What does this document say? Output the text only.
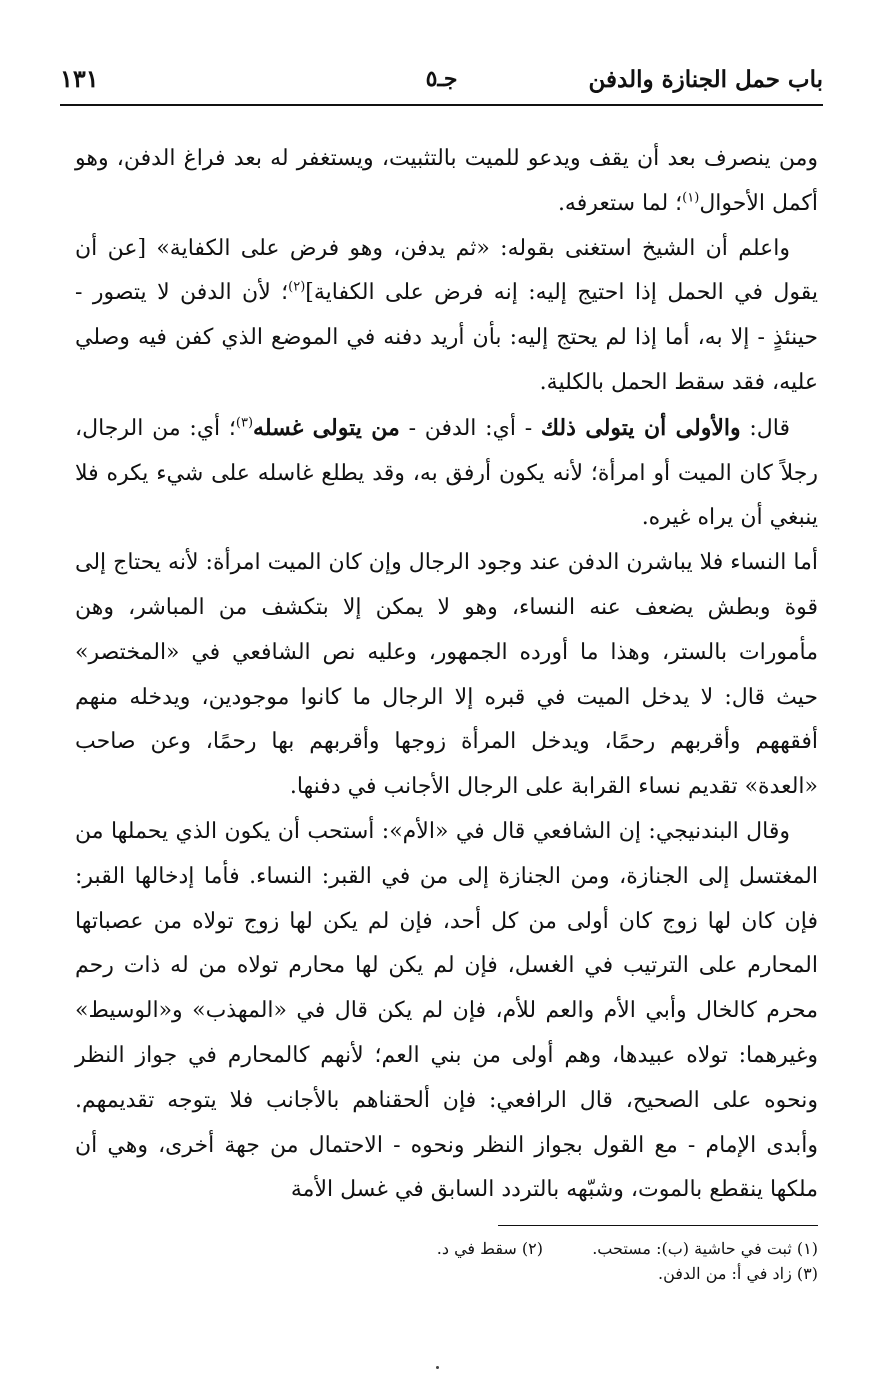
باب حمل الجنازة والدفن
جـ٥
١٣١

ومن ينصرف بعد أن يقف ويدعو للميت بالتثبيت، ويستغفر له بعد فراغ الدفن، وهو أكمل الأحوال$^{(١)}$؛ لما ستعرفه.

واعلم أن الشيخ استغنى بقوله: «ثم يدفن، وهو فرض على الكفاية» [عن أن يقول في الحمل إذا احتيج إليه: إنه فرض على الكفاية]$^{(٢)}$؛ لأن الدفن لا يتصور - حينئذٍ - إلا به، أما إذا لم يحتج إليه: بأن أريد دفنه في الموضع الذي كفن فيه وصلي عليه، فقد سقط الحمل بالكلية.

قال: والأولى أن يتولى ذلك - أي: الدفن - من يتولى غسله$^{(٣)}$؛ أي: من الرجال، رجلاً كان الميت أو امرأة؛ لأنه يكون أرفق به، وقد يطلع غاسله على شيء يكره فلا ينبغي أن يراه غيره.

أما النساء فلا يباشرن الدفن عند وجود الرجال وإن كان الميت امرأة: لأنه يحتاج إلى قوة وبطش يضعف عنه النساء، وهو لا يمكن إلا بتكشف من المباشر، وهن مأمورات بالستر، وهذا ما أورده الجمهور، وعليه نص الشافعي في «المختصر» حيث قال: لا يدخل الميت في قبره إلا الرجال ما كانوا موجودين، ويدخله منهم أفقههم وأقربهم رحمًا، ويدخل المرأة زوجها وأقربهم بها رحمًا، وعن صاحب «العدة» تقديم نساء القرابة على الرجال الأجانب في دفنها.

وقال البندنيجي: إن الشافعي قال في «الأم»: أستحب أن يكون الذي يحملها من المغتسل إلى الجنازة، ومن الجنازة إلى من في القبر: النساء. فأما إدخالها القبر: فإن كان لها زوج كان أولى من كل أحد، فإن لم يكن لها زوج تولاه من عصباتها المحارم على الترتيب في الغسل، فإن لم يكن لها محارم تولاه من له ذات رحم محرم كالخال وأبي الأم والعم للأم، فإن لم يكن قال في «المهذب» و«الوسيط» وغيرهما: تولاه عبيدها، وهم أولى من بني العم؛ لأنهم كالمحارم في جواز النظر ونحوه على الصحيح، قال الرافعي: فإن ألحقناهم بالأجانب فلا يتوجه تقديمهم. وأبدى الإمام - مع القول بجواز النظر ونحوه - الاحتمال من جهة أخرى، وهي أن ملكها ينقطع بالموت، وشبّهه بالتردد السابق في غسل الأمة

(١) ثبت في حاشية (ب): مستحب.
(٢) سقط في د.
(٣) زاد في أ: من الدفن.
